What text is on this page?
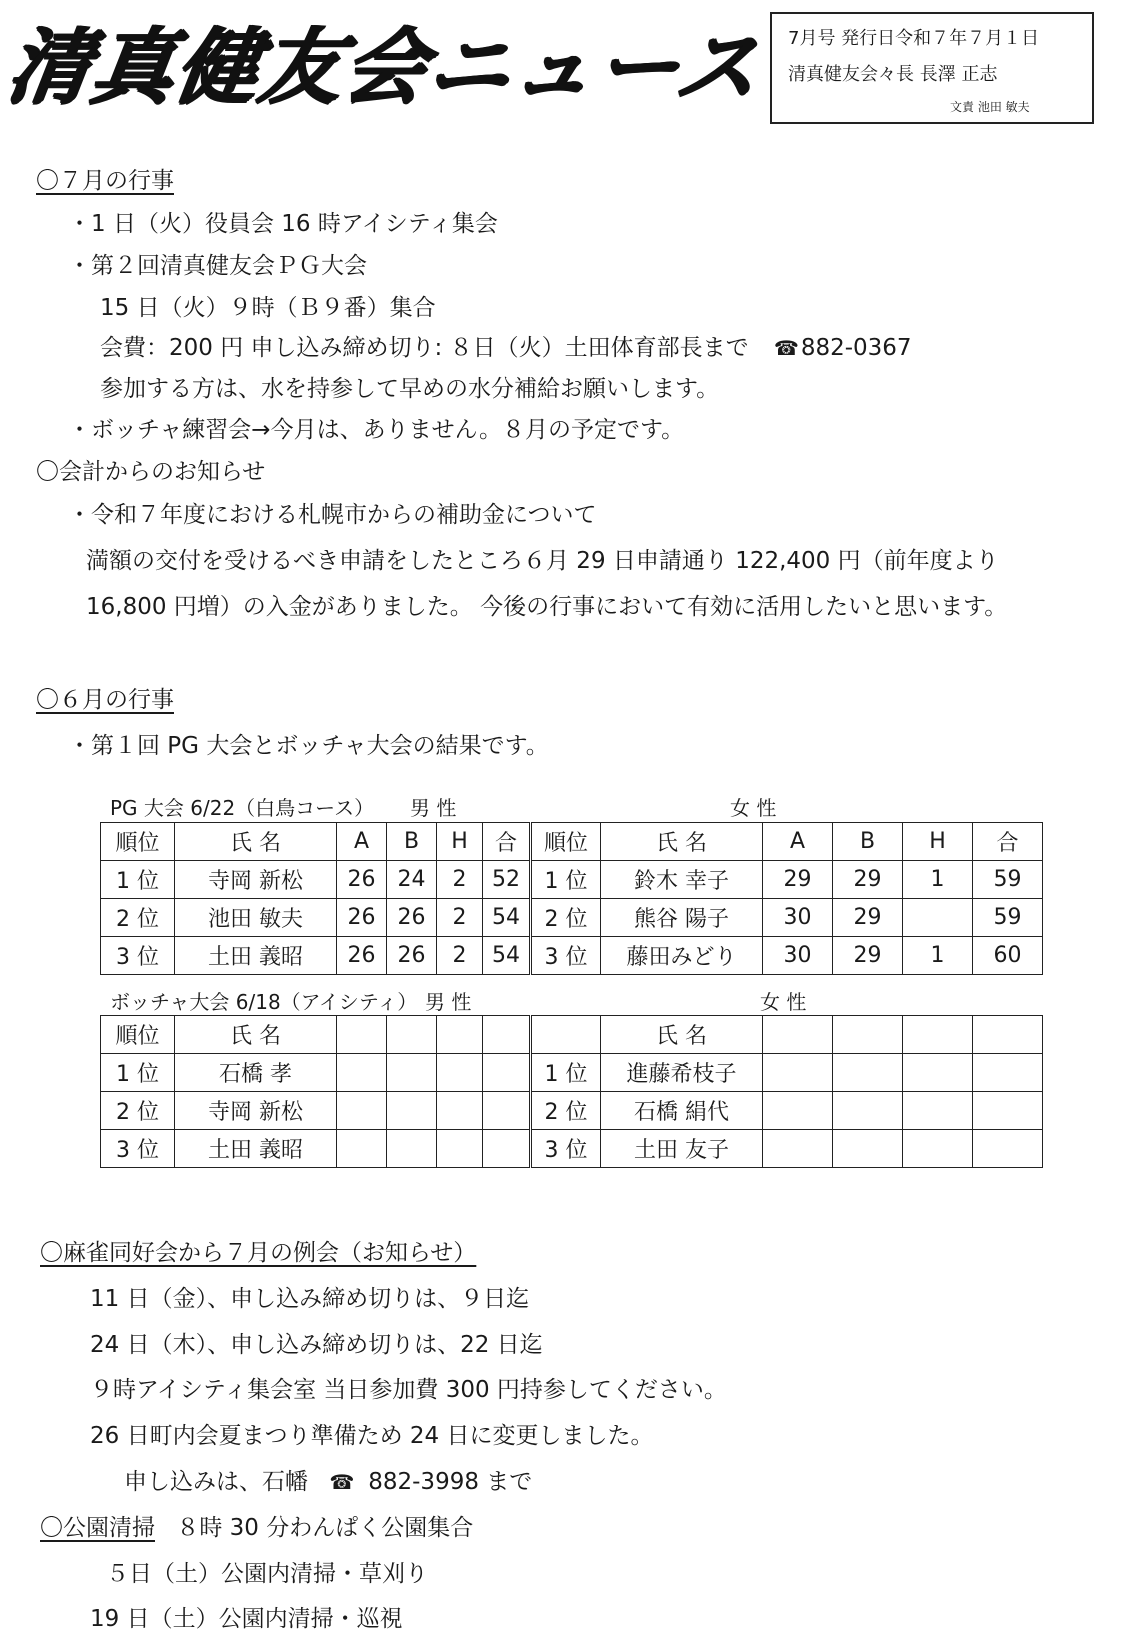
清真健友会ニュース	7月号 発行日令和７年７月１日
清真健友会々長 長澤 正志
文責 池田 敏夫
〇７月の行事
・1 日（火）役員会 16 時アイシティ集会
・第２回清真健友会ＰＧ大会
15 日（火）９時（Ｂ９番）集合
会費：200 円 申し込み締め切り: ８日（火）土田体育部長まで ☎882-0367
参加する方は、水を持参して早めの水分補給お願いします。
・ボッチャ練習会→今月は、ありません。８月の予定です。
〇会計からのお知らせ
・令和７年度における札幌市からの補助金について
満額の交付を受けるべき申請をしたところ６月 29 日申請通り 122,400 円（前年度より
16,800 円増）の入金がありました。 今後の行事において有効に活用したいと思います。
〇６月の行事
・第１回 PG 大会とボッチャ大会の結果です。
PG 大会 6/22（白鳥コース） 男 性	女 性
順位	氏 名	A	B	H	合	順位	氏 名	A	B	H	合
1 位	寺岡 新松	26	24	2	52	1 位	鈴木 幸子	29	29	1	59
2 位	池田 敏夫	26	26	2	54	2 位	熊谷 陽子	30	29		59
3 位	土田 義昭	26	26	2	54	3 位	藤田みどり	30	29	1	60
ボッチャ大会 6/18（アイシティ） 男 性	女 性
順位	氏 名						氏 名				
1 位	石橋 孝					1 位	進藤希枝子				
2 位	寺岡 新松					2 位	石橋 絹代				
3 位	土田 義昭					3 位	土田 友子				
〇麻雀同好会から７月の例会（お知らせ）
11 日（金）、申し込み締め切りは、９日迄
24 日（木）、申し込み締め切りは、22 日迄
９時アイシティ集会室 当日参加費 300 円持参してください。
26 日町内会夏まつり準備ため 24 日に変更しました。
申し込みは、石幡 ☎ 882-3998 まで
〇公園清掃 ８時 30 分わんぱく公園集合
５日（土）公園内清掃・草刈り
19 日（土）公園内清掃・巡視
